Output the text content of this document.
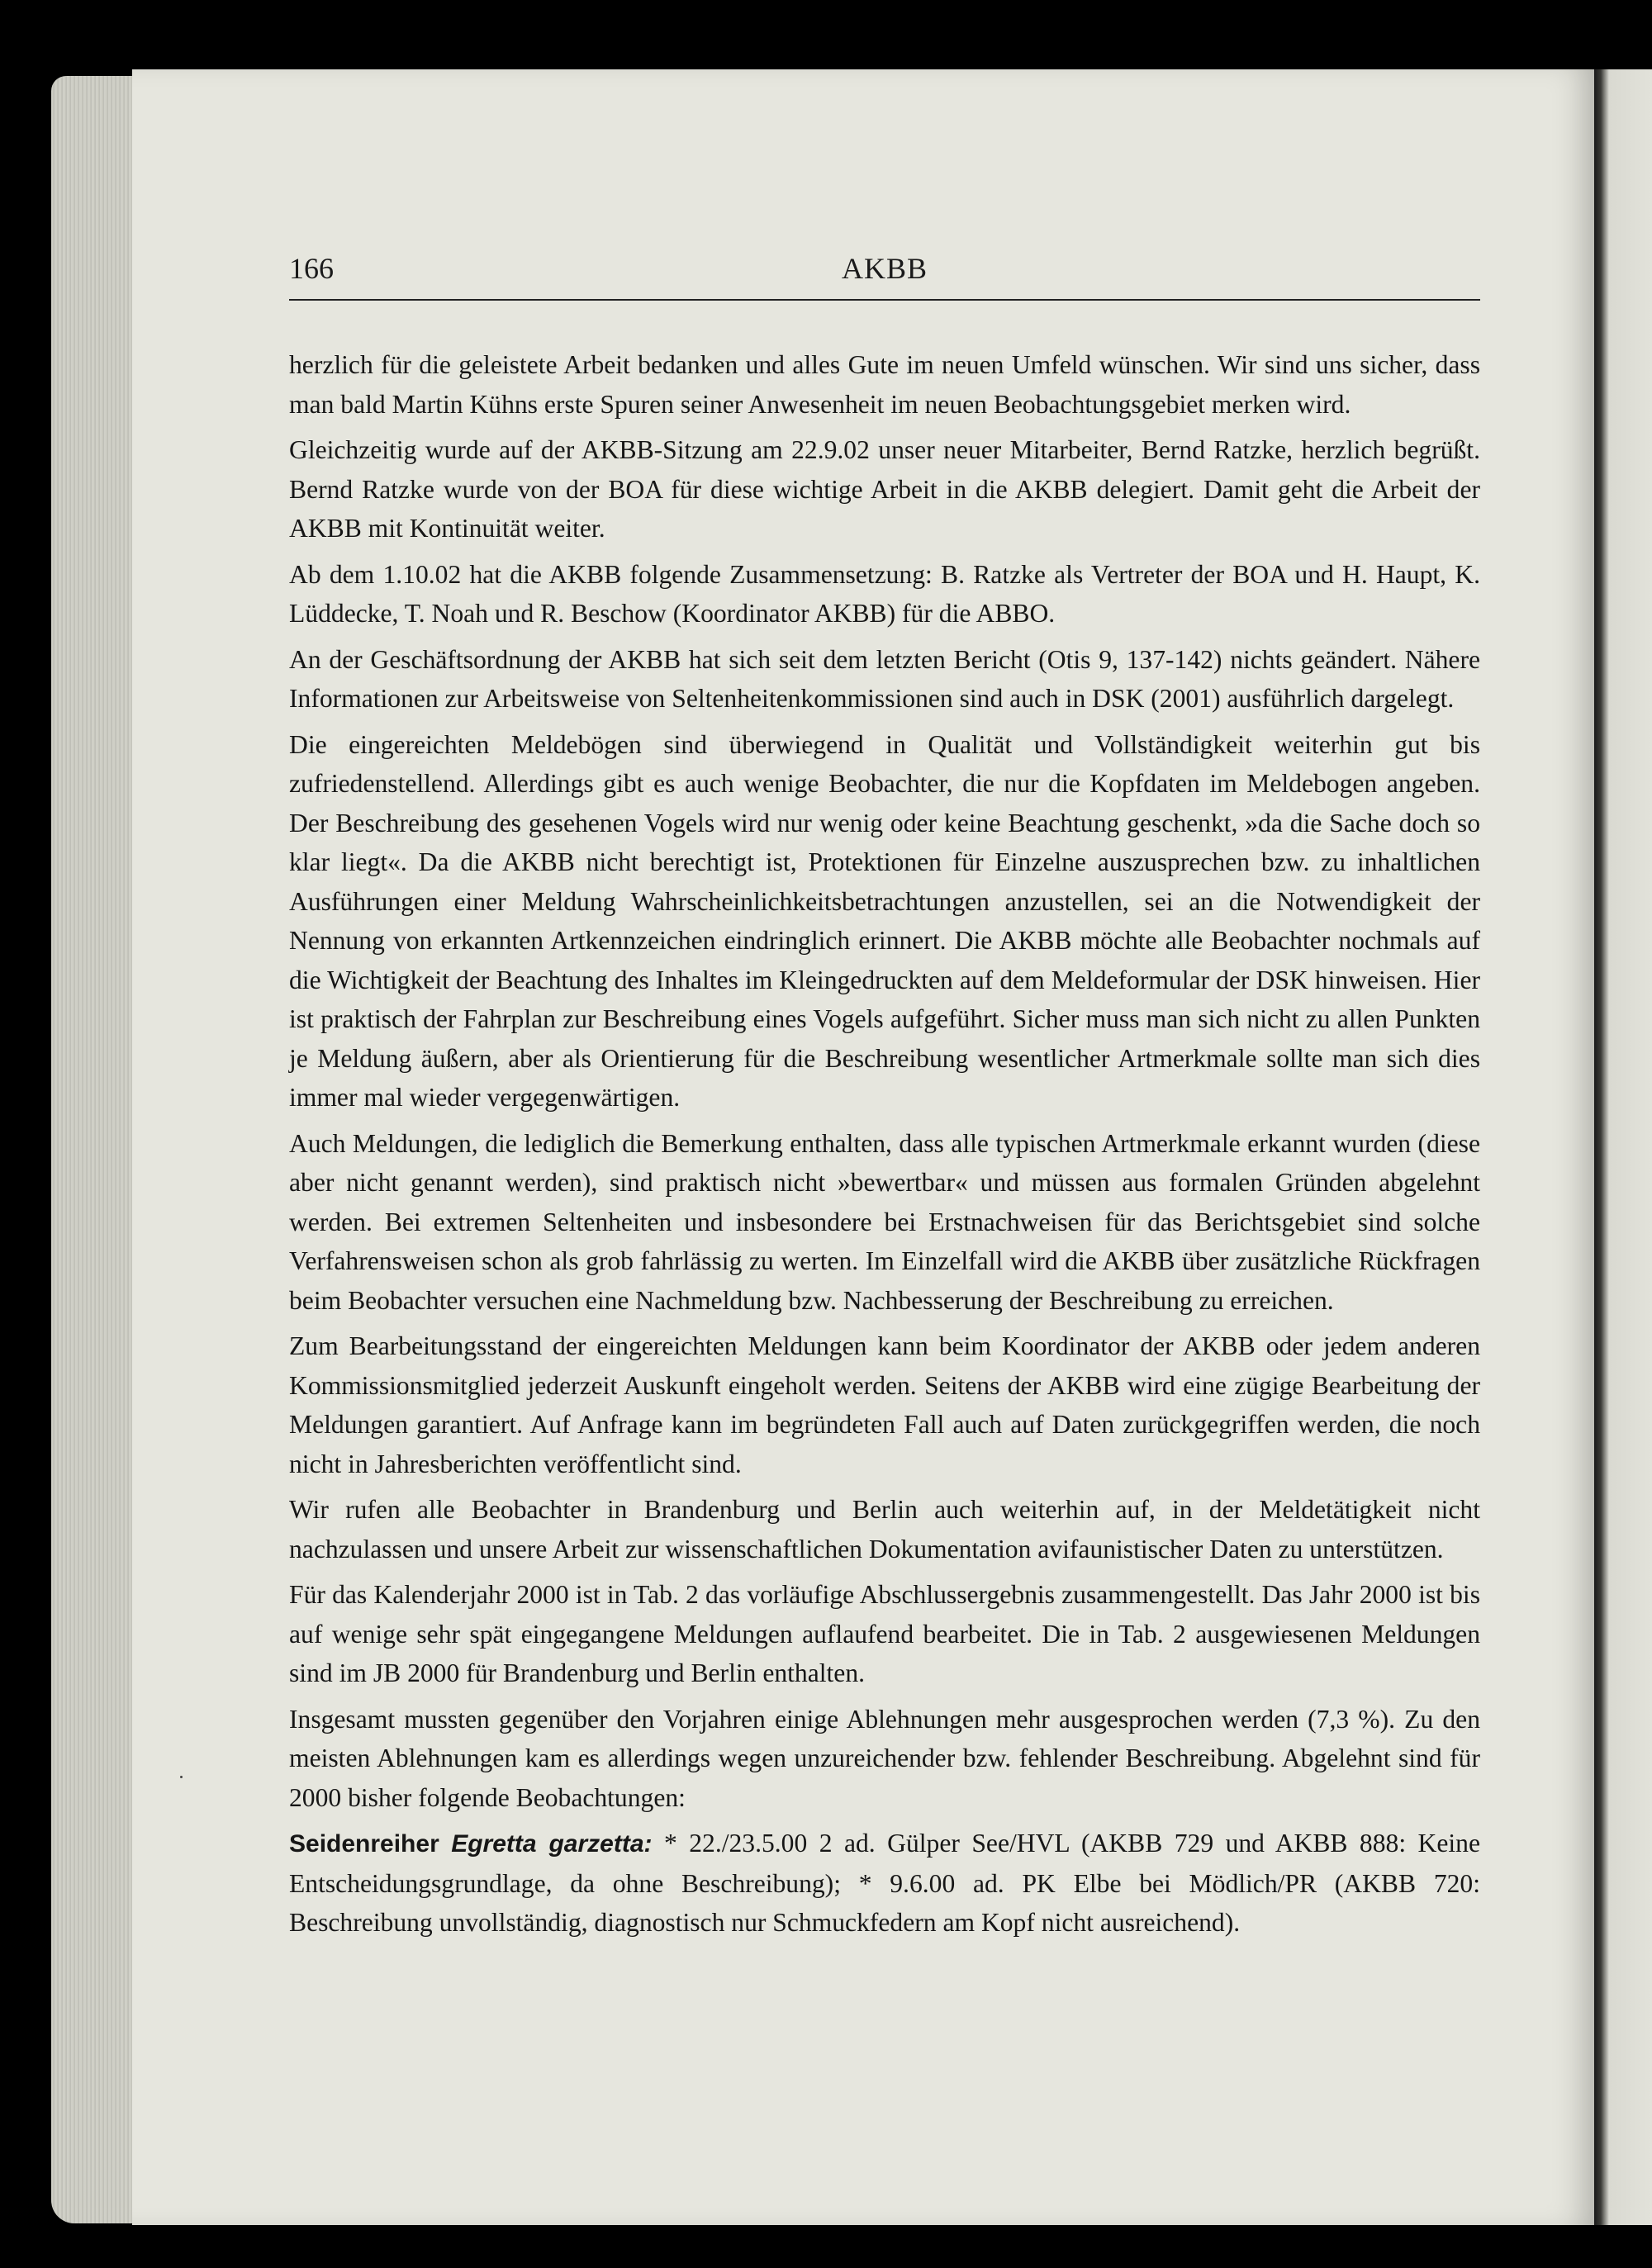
166	AKBB

herzlich für die geleistete Arbeit bedanken und alles Gute im neuen Umfeld wünschen. Wir sind uns sicher, dass man bald Martin Kühns erste Spuren seiner Anwesenheit im neuen Beobachtungsgebiet merken wird.

Gleichzeitig wurde auf der AKBB-Sitzung am 22.9.02 unser neuer Mitarbeiter, Bernd Ratzke, herzlich begrüßt. Bernd Ratzke wurde von der BOA für diese wichtige Arbeit in die AKBB delegiert. Damit geht die Arbeit der AKBB mit Kontinuität weiter.

Ab dem 1.10.02 hat die AKBB folgende Zusammensetzung: B. Ratzke als Vertreter der BOA und H. Haupt, K. Lüddecke, T. Noah und R. Beschow (Koordinator AKBB) für die ABBO.

An der Geschäftsordnung der AKBB hat sich seit dem letzten Bericht (Otis 9, 137-142) nichts geändert. Nähere Informationen zur Arbeitsweise von Seltenheitenkommissionen sind auch in DSK (2001) ausführlich dargelegt.

Die eingereichten Meldebögen sind überwiegend in Qualität und Vollständigkeit weiterhin gut bis zufriedenstellend. Allerdings gibt es auch wenige Beobachter, die nur die Kopfdaten im Meldebogen angeben. Der Beschreibung des gesehenen Vogels wird nur wenig oder keine Beachtung geschenkt, »da die Sache doch so klar liegt«. Da die AKBB nicht berechtigt ist, Protektionen für Einzelne auszusprechen bzw. zu inhaltlichen Ausführungen einer Meldung Wahrscheinlichkeitsbetrachtungen anzustellen, sei an die Notwendigkeit der Nennung von erkannten Artkennzeichen eindringlich erinnert. Die AKBB möchte alle Beobachter nochmals auf die Wichtigkeit der Beachtung des Inhaltes im Kleingedruckten auf dem Meldeformular der DSK hinweisen. Hier ist praktisch der Fahrplan zur Beschreibung eines Vogels aufgeführt. Sicher muss man sich nicht zu allen Punkten je Meldung äußern, aber als Orientierung für die Beschreibung wesentlicher Artmerkmale sollte man sich dies immer mal wieder vergegenwärtigen.

Auch Meldungen, die lediglich die Bemerkung enthalten, dass alle typischen Artmerkmale erkannt wurden (diese aber nicht genannt werden), sind praktisch nicht »bewertbar« und müssen aus formalen Gründen abgelehnt werden. Bei extremen Seltenheiten und insbesondere bei Erstnachweisen für das Berichtsgebiet sind solche Verfahrensweisen schon als grob fahrlässig zu werten. Im Einzelfall wird die AKBB über zusätzliche Rückfragen beim Beobachter versuchen eine Nachmeldung bzw. Nachbesserung der Beschreibung zu erreichen.

Zum Bearbeitungsstand der eingereichten Meldungen kann beim Koordinator der AKBB oder jedem anderen Kommissionsmitglied jederzeit Auskunft eingeholt werden. Seitens der AKBB wird eine zügige Bearbeitung der Meldungen garantiert. Auf Anfrage kann im begründeten Fall auch auf Daten zurückgegriffen werden, die noch nicht in Jahresberichten veröffentlicht sind.

Wir rufen alle Beobachter in Brandenburg und Berlin auch weiterhin auf, in der Meldetätigkeit nicht nachzulassen und unsere Arbeit zur wissenschaftlichen Dokumentation avifaunistischer Daten zu unterstützen.

Für das Kalenderjahr 2000 ist in Tab. 2 das vorläufige Abschlussergebnis zusammengestellt. Das Jahr 2000 ist bis auf wenige sehr spät eingegangene Meldungen auflaufend bearbeitet. Die in Tab. 2 ausgewiesenen Meldungen sind im JB 2000 für Brandenburg und Berlin enthalten.

Insgesamt mussten gegenüber den Vorjahren einige Ablehnungen mehr ausgesprochen werden (7,3 %). Zu den meisten Ablehnungen kam es allerdings wegen unzureichender bzw. fehlender Beschreibung. Abgelehnt sind für 2000 bisher folgende Beobachtungen:

Seidenreiher Egretta garzetta: * 22./23.5.00 2 ad. Gülper See/HVL (AKBB 729 und AKBB 888: Keine Entscheidungsgrundlage, da ohne Beschreibung); * 9.6.00 ad. PK Elbe bei Mödlich/PR (AKBB 720: Beschreibung unvollständig, diagnostisch nur Schmuckfedern am Kopf nicht ausreichend).
